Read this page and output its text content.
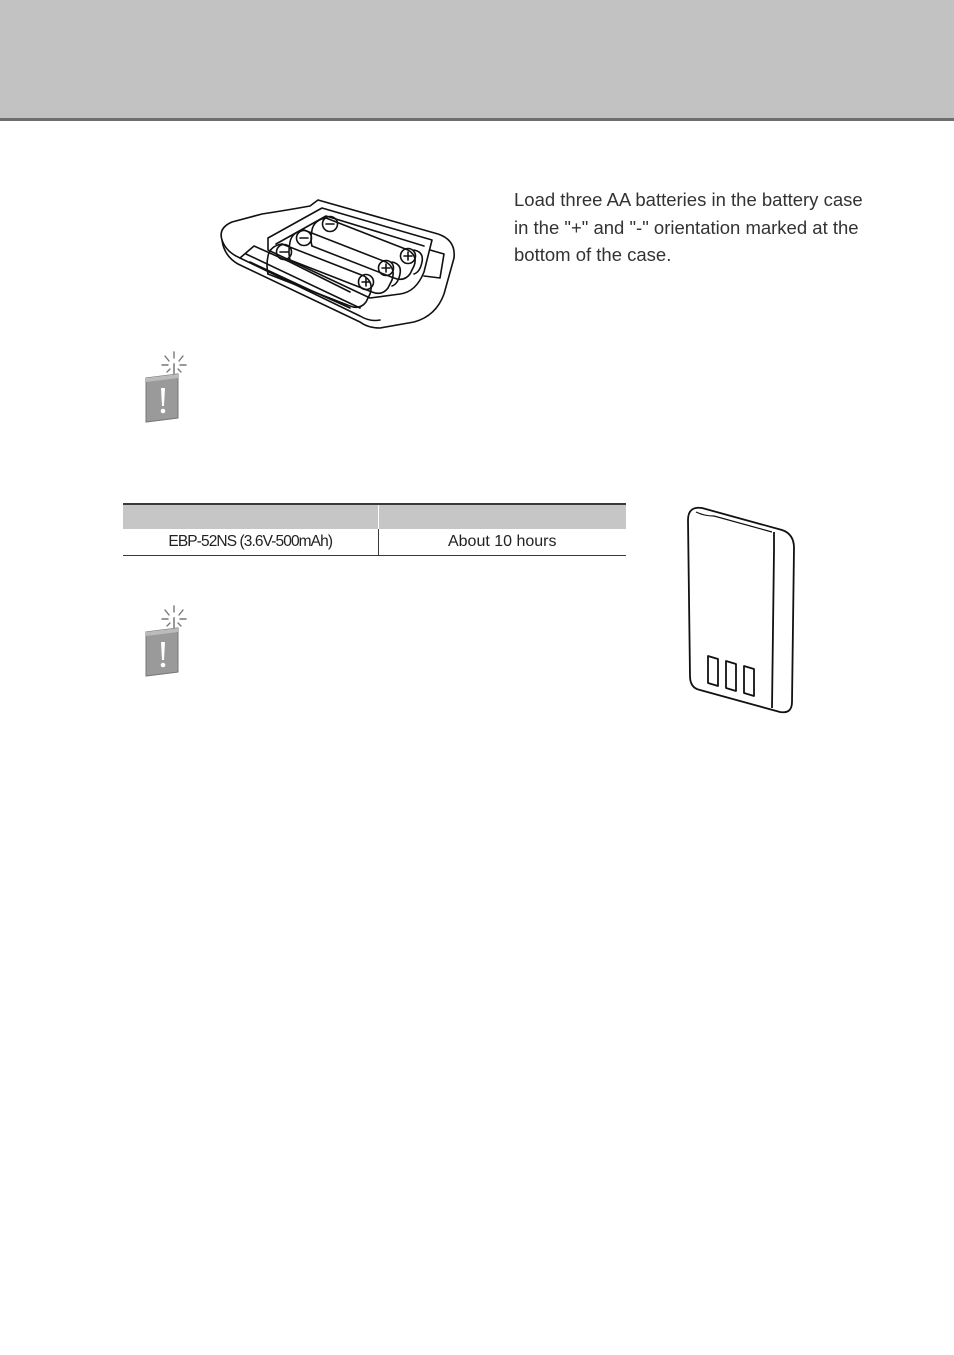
Load three AA batteries in the battery case in the "+" and "-" orientation marked at the bottom of the case.

EBP-52NS (3.6V-500mAh)	About 10 hours
